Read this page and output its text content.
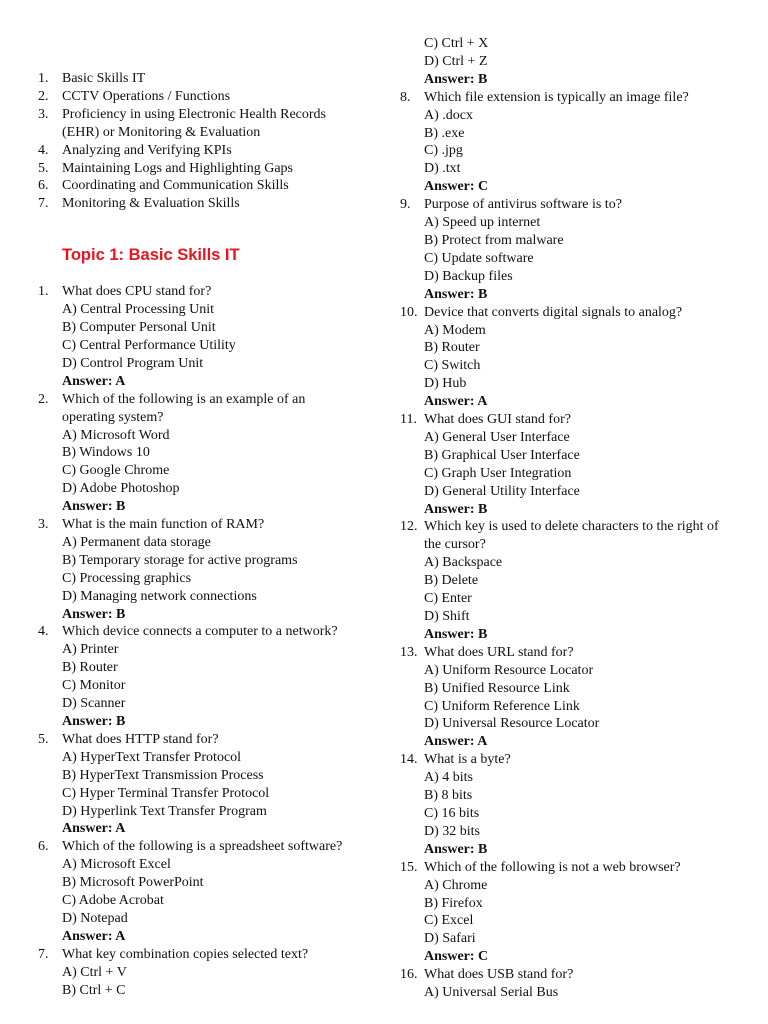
1. Basic Skills IT
2. CCTV Operations / Functions
3. Proficiency in using Electronic Health Records
(EHR) or Monitoring & Evaluation
4. Analyzing and Verifying KPIs
5. Maintaining Logs and Highlighting Gaps
6. Coordinating and Communication Skills
7. Monitoring & Evaluation Skills
Topic 1: Basic Skills IT
1. What does CPU stand for?
A) Central Processing Unit
B) Computer Personal Unit
C) Central Performance Utility
D) Control Program Unit
Answer: A
2. Which of the following is an example of an
operating system?
A) Microsoft Word
B) Windows 10
C) Google Chrome
D) Adobe Photoshop
Answer: B
3. What is the main function of RAM?
A) Permanent data storage
B) Temporary storage for active programs
C) Processing graphics
D) Managing network connections
Answer: B
4. Which device connects a computer to a network?
A) Printer
B) Router
C) Monitor
D) Scanner
Answer: B
5. What does HTTP stand for?
A) HyperText Transfer Protocol
B) HyperText Transmission Process
C) Hyper Terminal Transfer Protocol
D) Hyperlink Text Transfer Program
Answer: A
6. Which of the following is a spreadsheet software?
A) Microsoft Excel
B) Microsoft PowerPoint
C) Adobe Acrobat
D) Notepad
Answer: A
7. What key combination copies selected text?
A) Ctrl + V
B) Ctrl + C
C) Ctrl + X
D) Ctrl + Z
Answer: B
8. Which file extension is typically an image file?
A) .docx
B) .exe
C) .jpg
D) .txt
Answer: C
9. Purpose of antivirus software is to?
A) Speed up internet
B) Protect from malware
C) Update software
D) Backup files
Answer: B
10. Device that converts digital signals to analog?
A) Modem
B) Router
C) Switch
D) Hub
Answer: A
11. What does GUI stand for?
A) General User Interface
B) Graphical User Interface
C) Graph User Integration
D) General Utility Interface
Answer: B
12. Which key is used to delete characters to the right of
the cursor?
A) Backspace
B) Delete
C) Enter
D) Shift
Answer: B
13. What does URL stand for?
A) Uniform Resource Locator
B) Unified Resource Link
C) Uniform Reference Link
D) Universal Resource Locator
Answer: A
14. What is a byte?
A) 4 bits
B) 8 bits
C) 16 bits
D) 32 bits
Answer: B
15. Which of the following is not a web browser?
A) Chrome
B) Firefox
C) Excel
D) Safari
Answer: C
16. What does USB stand for?
A) Universal Serial Bus
